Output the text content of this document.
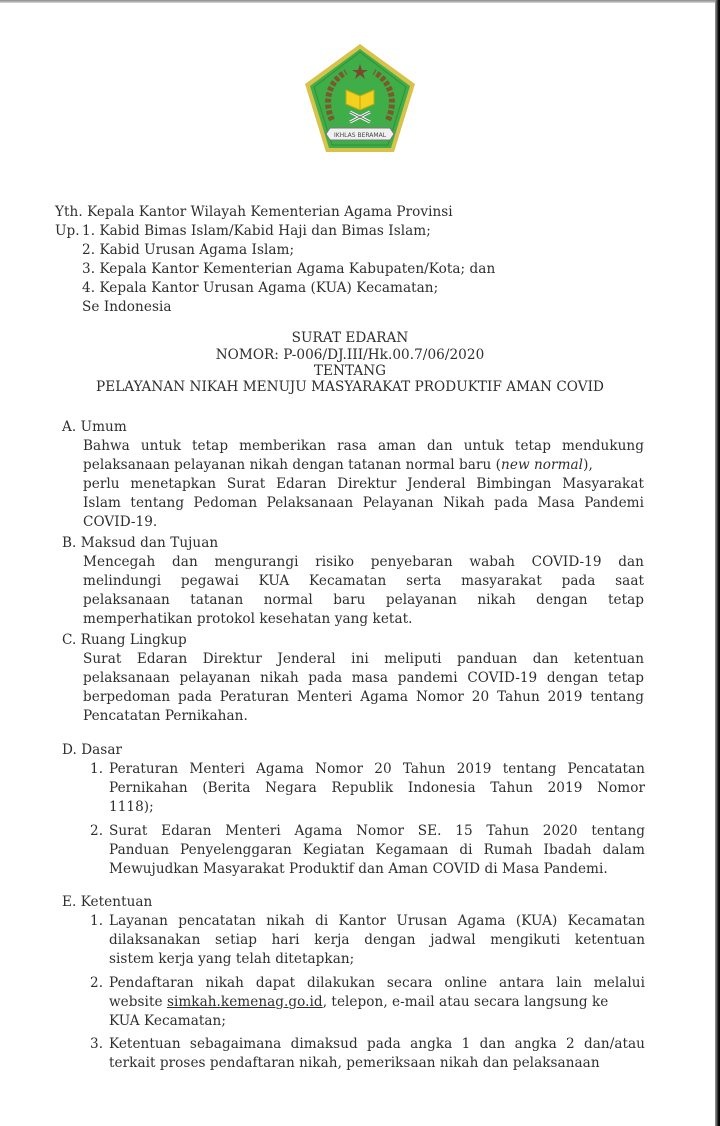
IKHLAS BERAMAL
Yth. Kepala Kantor Wilayah Kementerian Agama Provinsi
Up. 1. Kabid Bimas Islam/Kabid Haji dan Bimas Islam;
2. Kabid Urusan Agama Islam;
3. Kepala Kantor Kementerian Agama Kabupaten/Kota; dan
4. Kepala Kantor Urusan Agama (KUA) Kecamatan;
Se Indonesia
SURAT EDARAN
NOMOR: P-006/DJ.III/Hk.00.7/06/2020
TENTANG
PELAYANAN NIKAH MENUJU MASYARAKAT PRODUKTIF AMAN COVID
A. Umum
Bahwa untuk tetap memberikan rasa aman dan untuk tetap mendukung
pelaksanaan pelayanan nikah dengan tatanan normal baru (new normal),
perlu menetapkan Surat Edaran Direktur Jenderal Bimbingan Masyarakat
Islam tentang Pedoman Pelaksanaan Pelayanan Nikah pada Masa Pandemi
COVID-19.
B. Maksud dan Tujuan
Mencegah dan mengurangi risiko penyebaran wabah COVID-19 dan
melindungi pegawai KUA Kecamatan serta masyarakat pada saat
pelaksanaan tatanan normal baru pelayanan nikah dengan tetap
memperhatikan protokol kesehatan yang ketat.
C. Ruang Lingkup
Surat Edaran Direktur Jenderal ini meliputi panduan dan ketentuan
pelaksanaan pelayanan nikah pada masa pandemi COVID-19 dengan tetap
berpedoman pada Peraturan Menteri Agama Nomor 20 Tahun 2019 tentang
Pencatatan Pernikahan.
D. Dasar
1. Peraturan Menteri Agama Nomor 20 Tahun 2019 tentang Pencatatan
Pernikahan (Berita Negara Republik Indonesia Tahun 2019 Nomor
1118);
2. Surat Edaran Menteri Agama Nomor SE. 15 Tahun 2020 tentang
Panduan Penyelenggaran Kegiatan Kegamaan di Rumah Ibadah dalam
Mewujudkan Masyarakat Produktif dan Aman COVID di Masa Pandemi.
E. Ketentuan
1. Layanan pencatatan nikah di Kantor Urusan Agama (KUA) Kecamatan
dilaksanakan setiap hari kerja dengan jadwal mengikuti ketentuan
sistem kerja yang telah ditetapkan;
2. Pendaftaran nikah dapat dilakukan secara online antara lain melalui
website simkah.kemenag.go.id, telepon, e-mail atau secara langsung ke
KUA Kecamatan;
3. Ketentuan sebagaimana dimaksud pada angka 1 dan angka 2 dan/atau
terkait proses pendaftaran nikah, pemeriksaan nikah dan pelaksanaan
